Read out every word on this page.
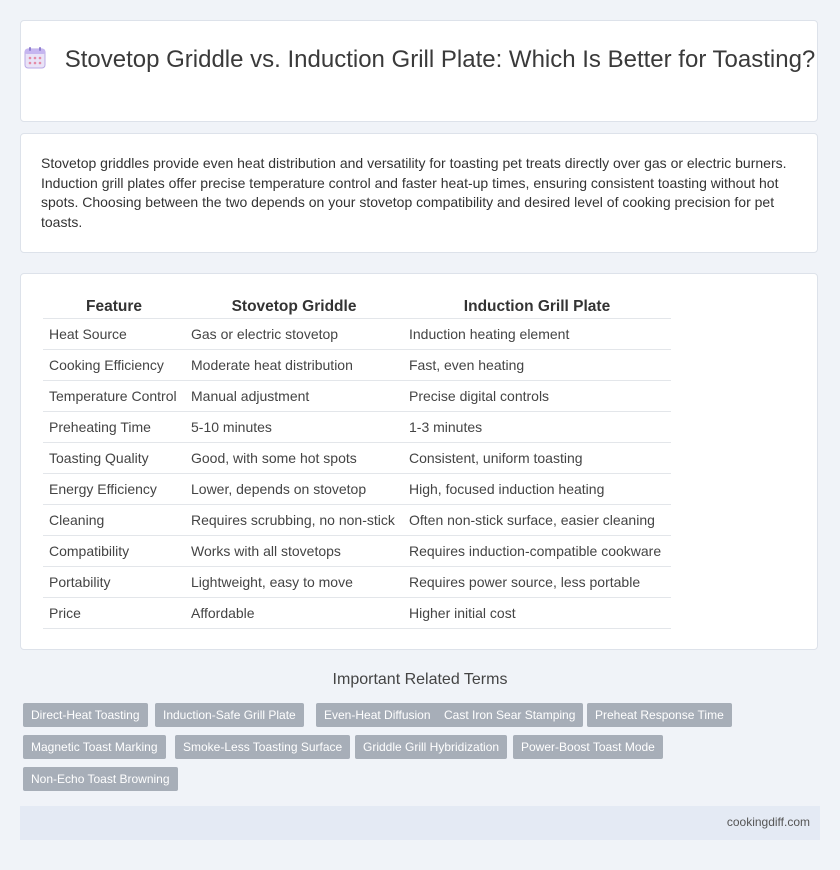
Stovetop Griddle vs. Induction Grill Plate: Which Is Better for Toasting?
Stovetop griddles provide even heat distribution and versatility for toasting pet treats directly over gas or electric burners. Induction grill plates offer precise temperature control and faster heat-up times, ensuring consistent toasting without hot spots. Choosing between the two depends on your stovetop compatibility and desired level of cooking precision for pet toasts.
Feature	Stovetop Griddle	Induction Grill Plate
Heat Source	Gas or electric stovetop	Induction heating element
Cooking Efficiency	Moderate heat distribution	Fast, even heating
Temperature Control	Manual adjustment	Precise digital controls
Preheating Time	5-10 minutes	1-3 minutes
Toasting Quality	Good, with some hot spots	Consistent, uniform toasting
Energy Efficiency	Lower, depends on stovetop	High, focused induction heating
Cleaning	Requires scrubbing, no non-stick	Often non-stick surface, easier cleaning
Compatibility	Works with all stovetops	Requires induction-compatible cookware
Portability	Lightweight, easy to move	Requires power source, less portable
Price	Affordable	Higher initial cost
Important Related Terms
Direct-Heat Toasting	Induction-Safe Grill Plate	Even-Heat Diffusion	Cast Iron Sear Stamping	Preheat Response Time
Magnetic Toast Marking	Smoke-Less Toasting Surface	Griddle Grill Hybridization	Power-Boost Toast Mode
Non-Echo Toast Browning
cookingdiff.com
